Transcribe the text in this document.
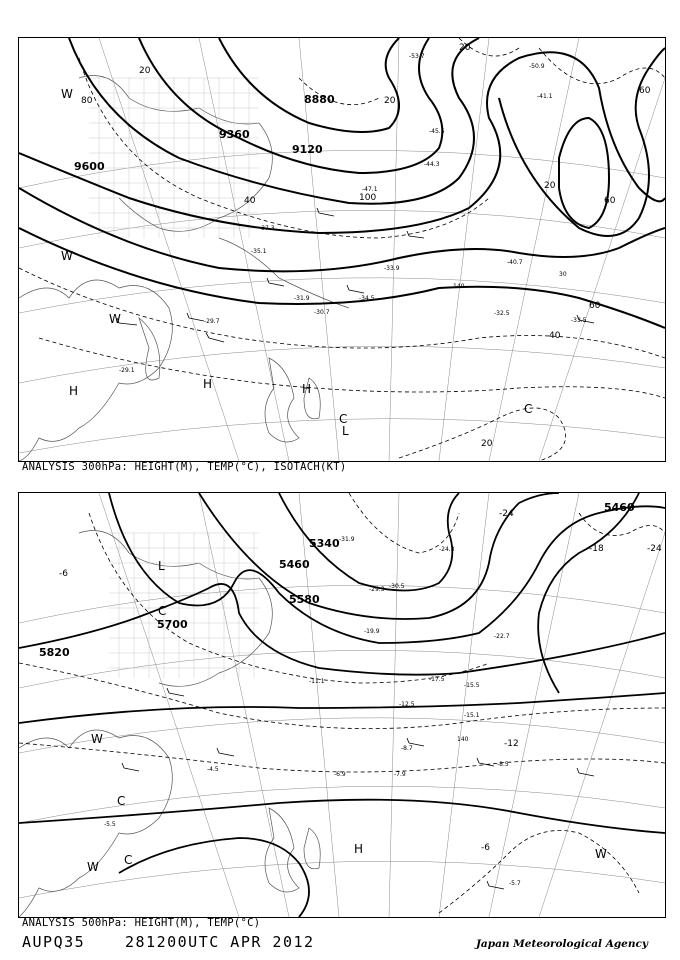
9600
9360
9120
8880
20
40
60
80
100
20
20
20
60
60
40
20
H	H	H
W
W
W
C
C
L
-53.7
-50.9
-47.1
-45.5
-44.3
-41.1
-37.3
-35.1
-34.5
-33.9
-31.9
-30.7
-29.7
-29.1
-40.7
-32.5
-33.5
30
140
ANALYSIS 300hPa: HEIGHT(M), TEMP(°C), ISOTACH(KT)
5820
5700
5580
5460
5340
5460
-6
-12
-18
-24
-24
-6
L
C
W
C
W C
H	W
-31.9
-30.5
-29.3
-24.3
-22.7
-19.9
-17.5
-15.5
-15.1
-12.5
-11.1
-8.7
-8.5
-7.9
-6.9
-5.7
-5.5
-4.5
140
ANALYSIS 500hPa: HEIGHT(M), TEMP(°C)
AUPQ35	281200UTC APR 2012	Japan Meteorological Agency
